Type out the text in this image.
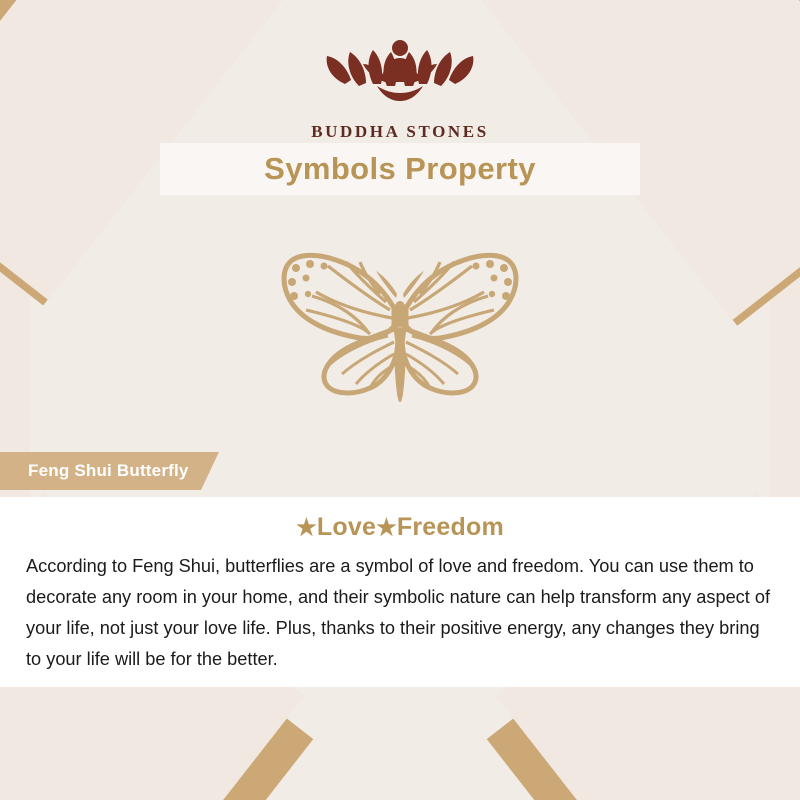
BUDDHA STONES
Symbols Property
Feng Shui Butterfly
★Love★Freedom

According to Feng Shui, butterflies are a symbol of love and freedom. You can use them to decorate any room in your home, and their symbolic nature can help transform any aspect of your life, not just your love life. Plus, thanks to their positive energy, any changes they bring to your life will be for the better.
